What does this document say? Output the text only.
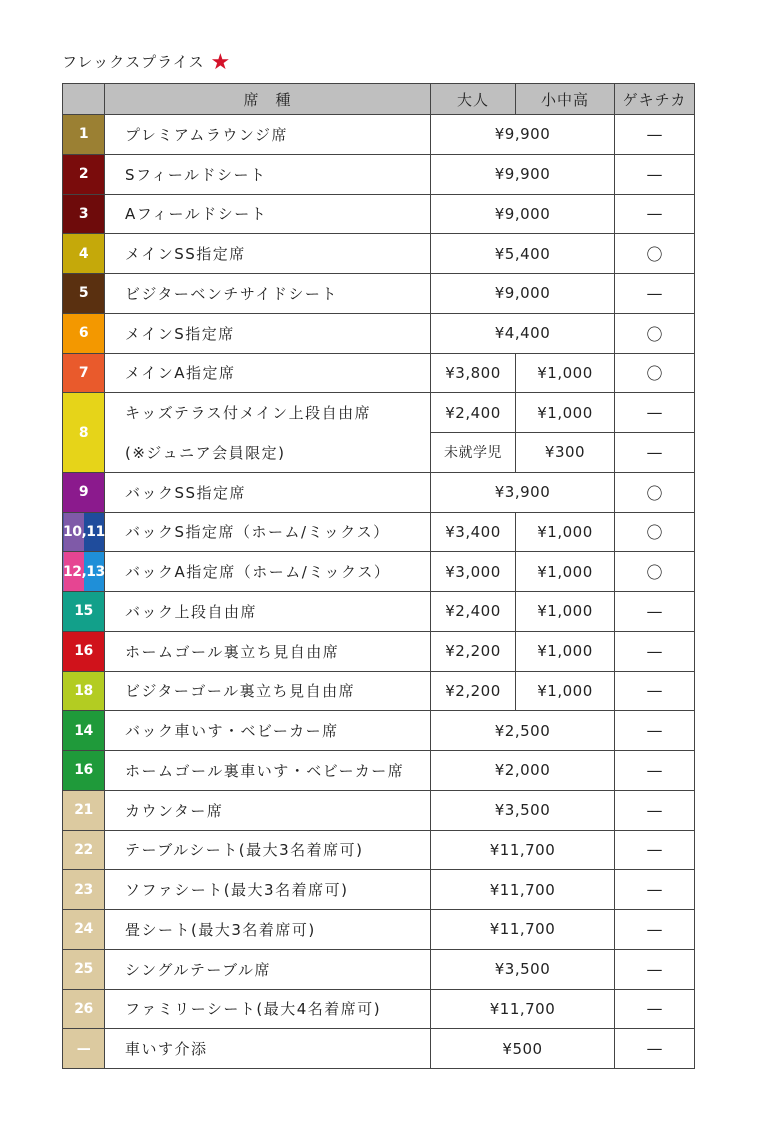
フレックスプライス ★
	席　種	大人	小中高	ゲキチカ
1	プレミアムラウンジ席	¥9,900		—
2	Sフィールドシート	¥9,900		—
3	Aフィールドシート	¥9,000		—
4	メインSS指定席	¥5,400		〇
5	ビジターベンチサイドシート	¥9,000		—
6	メインS指定席	¥4,400		〇
7	メインA指定席	¥3,800	¥1,000	〇
8	キッズテラス付メイン上段自由席	¥2,400	¥1,000	—
	(※ジュニア会員限定)	未就学児	¥300	—
9	バックSS指定席	¥3,900		〇
10,11	バックS指定席（ホーム/ミックス）	¥3,400	¥1,000	〇
12,13	バックA指定席（ホーム/ミックス）	¥3,000	¥1,000	〇
15	バック上段自由席	¥2,400	¥1,000	—
16	ホームゴール裏立ち見自由席	¥2,200	¥1,000	—
18	ビジターゴール裏立ち見自由席	¥2,200	¥1,000	—
14	バック車いす・ベビーカー席	¥2,500		—
16	ホームゴール裏車いす・ベビーカー席	¥2,000		—
21	カウンター席	¥3,500		—
22	テーブルシート(最大3名着席可)	¥11,700		—
23	ソファシート(最大3名着席可)	¥11,700		—
24	畳シート(最大3名着席可)	¥11,700		—
25	シングルテーブル席	¥3,500		—
26	ファミリーシート(最大4名着席可)	¥11,700		—
—	車いす介添	¥500		—
